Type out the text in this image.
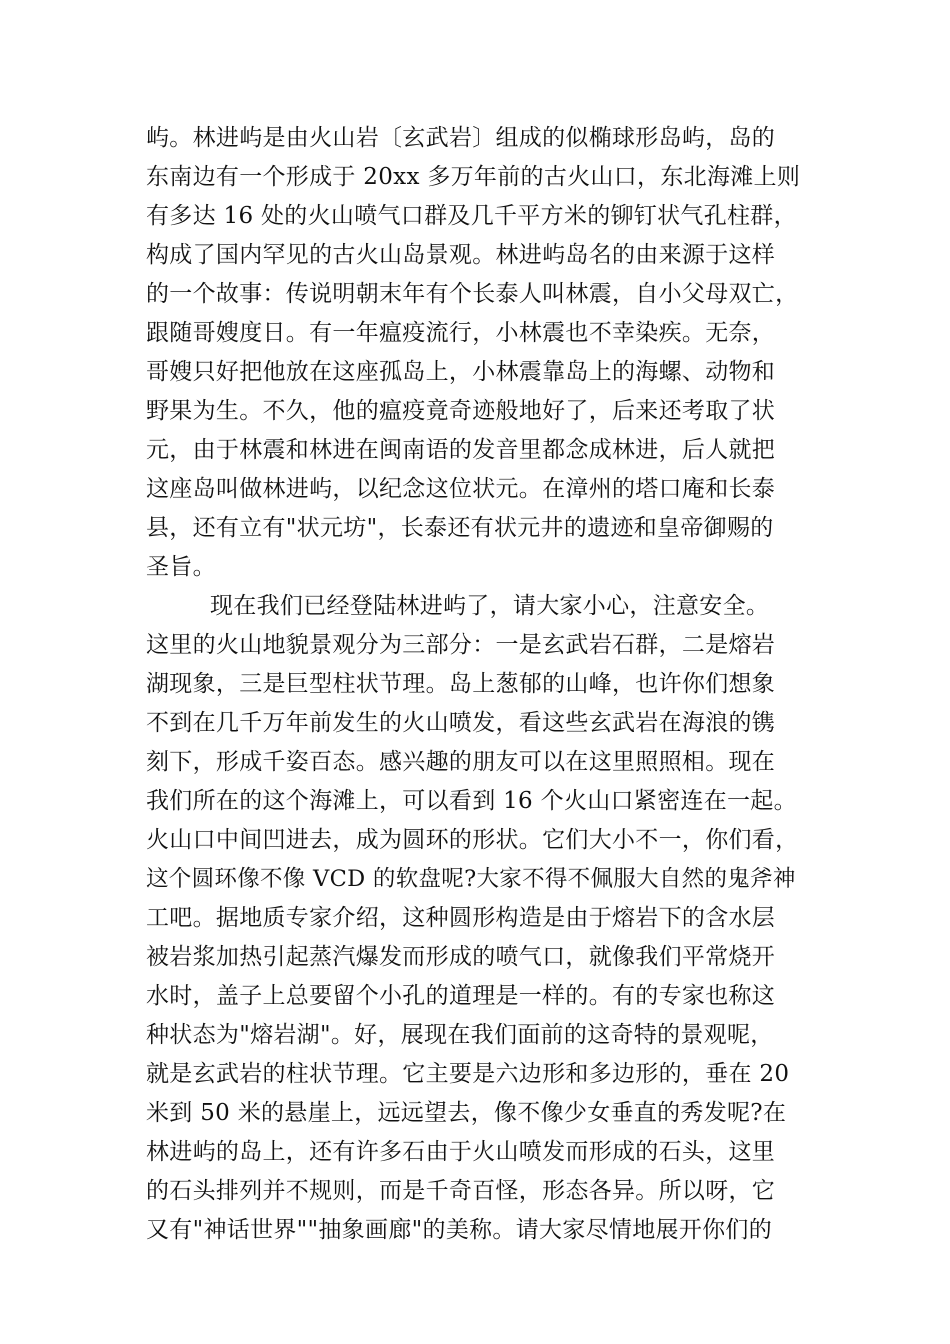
屿。林进屿是由火山岩〔玄武岩〕组成的似椭球形岛屿，岛的
东南边有一个形成于 20xx 多万年前的古火山口，东北海滩上则
有多达 16 处的火山喷气口群及几千平方米的铆钉状气孔柱群，
构成了国内罕见的古火山岛景观。林进屿岛名的由来源于这样
的一个故事：传说明朝末年有个长泰人叫林震，自小父母双亡，
跟随哥嫂度日。有一年瘟疫流行，小林震也不幸染疾。无奈，
哥嫂只好把他放在这座孤岛上，小林震靠岛上的海螺、动物和
野果为生。不久，他的瘟疫竟奇迹般地好了，后来还考取了状
元，由于林震和林进在闽南语的发音里都念成林进，后人就把
这座岛叫做林进屿，以纪念这位状元。在漳州的塔口庵和长泰
县，还有立有"状元坊"，长泰还有状元井的遗迹和皇帝御赐的
圣旨。
现在我们已经登陆林进屿了，请大家小心，注意安全。
这里的火山地貌景观分为三部分：一是玄武岩石群，二是熔岩
湖现象，三是巨型柱状节理。岛上葱郁的山峰，也许你们想象
不到在几千万年前发生的火山喷发，看这些玄武岩在海浪的镌
刻下，形成千姿百态。感兴趣的朋友可以在这里照照相。现在
我们所在的这个海滩上，可以看到 16 个火山口紧密连在一起。
火山口中间凹进去，成为圆环的形状。它们大小不一，你们看，
这个圆环像不像 VCD 的软盘呢?大家不得不佩服大自然的鬼斧神
工吧。据地质专家介绍，这种圆形构造是由于熔岩下的含水层
被岩浆加热引起蒸汽爆发而形成的喷气口，就像我们平常烧开
水时，盖子上总要留个小孔的道理是一样的。有的专家也称这
种状态为"熔岩湖"。好，展现在我们面前的这奇特的景观呢，
就是玄武岩的柱状节理。它主要是六边形和多边形的，垂在 20
米到 50 米的悬崖上，远远望去，像不像少女垂直的秀发呢?在
林进屿的岛上，还有许多石由于火山喷发而形成的石头，这里
的石头排列并不规则，而是千奇百怪，形态各异。所以呀，它
又有"神话世界""抽象画廊"的美称。请大家尽情地展开你们的
